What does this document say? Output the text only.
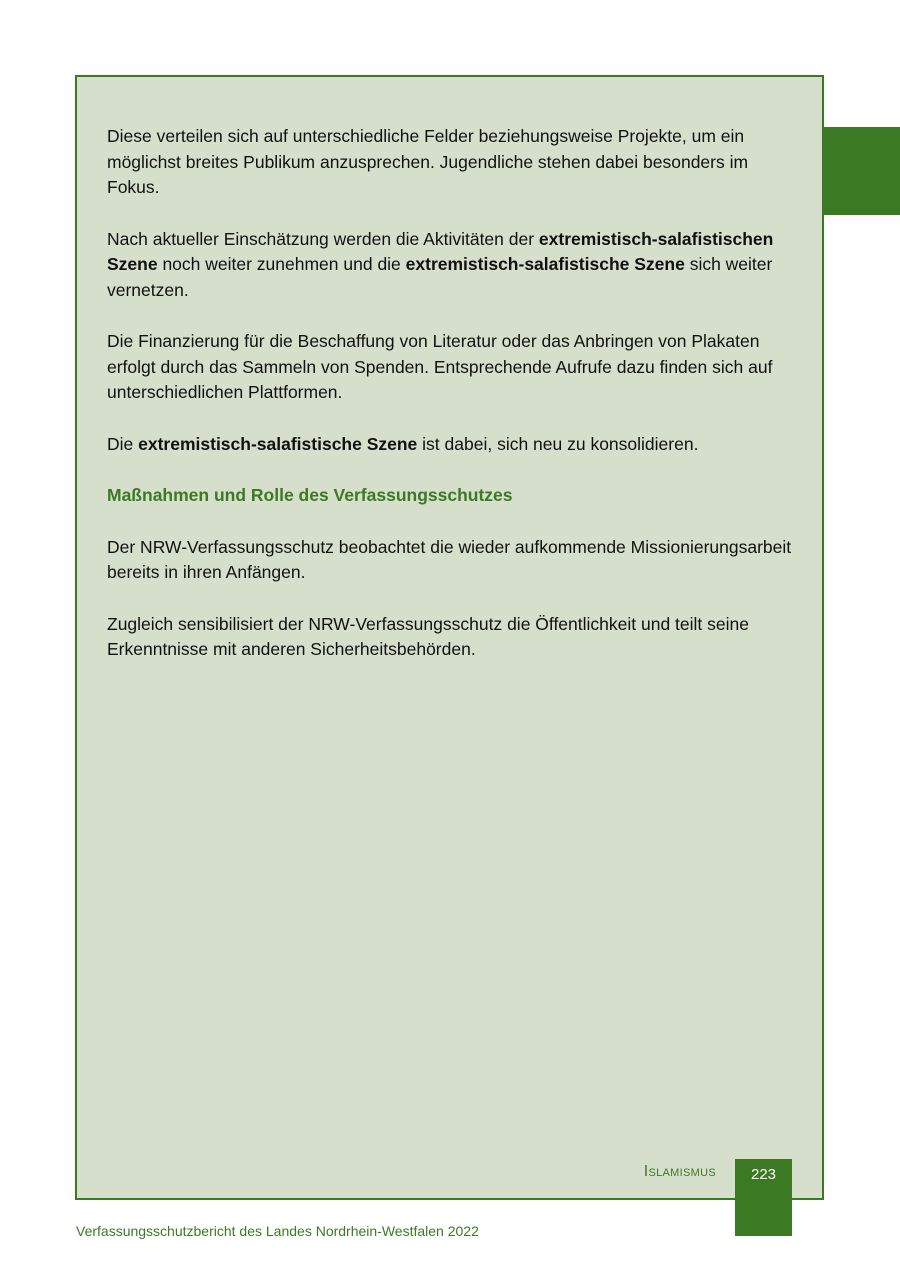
Diese verteilen sich auf unterschiedliche Felder beziehungsweise Projekte, um ein möglichst breites Publikum anzusprechen. Jugendliche stehen dabei besonders im Fokus.

Nach aktueller Einschätzung werden die Aktivitäten der extremistisch-salafistischen Szene noch weiter zunehmen und die extremistisch-salafistische Szene sich weiter vernetzen.

Die Finanzierung für die Beschaffung von Literatur oder das Anbringen von Plakaten erfolgt durch das Sammeln von Spenden. Entsprechende Aufrufe dazu finden sich auf unterschiedlichen Plattformen.

Die extremistisch-salafistische Szene ist dabei, sich neu zu konsolidieren.

Maßnahmen und Rolle des Verfassungsschutzes

Der NRW-Verfassungsschutz beobachtet die wieder aufkommende Missionierungsarbeit bereits in ihren Anfängen.

Zugleich sensibilisiert der NRW-Verfassungsschutz die Öffentlichkeit und teilt seine Erkenntnisse mit anderen Sicherheitsbehörden.

Islamismus	223
Verfassungsschutzbericht des Landes Nordrhein-Westfalen 2022
